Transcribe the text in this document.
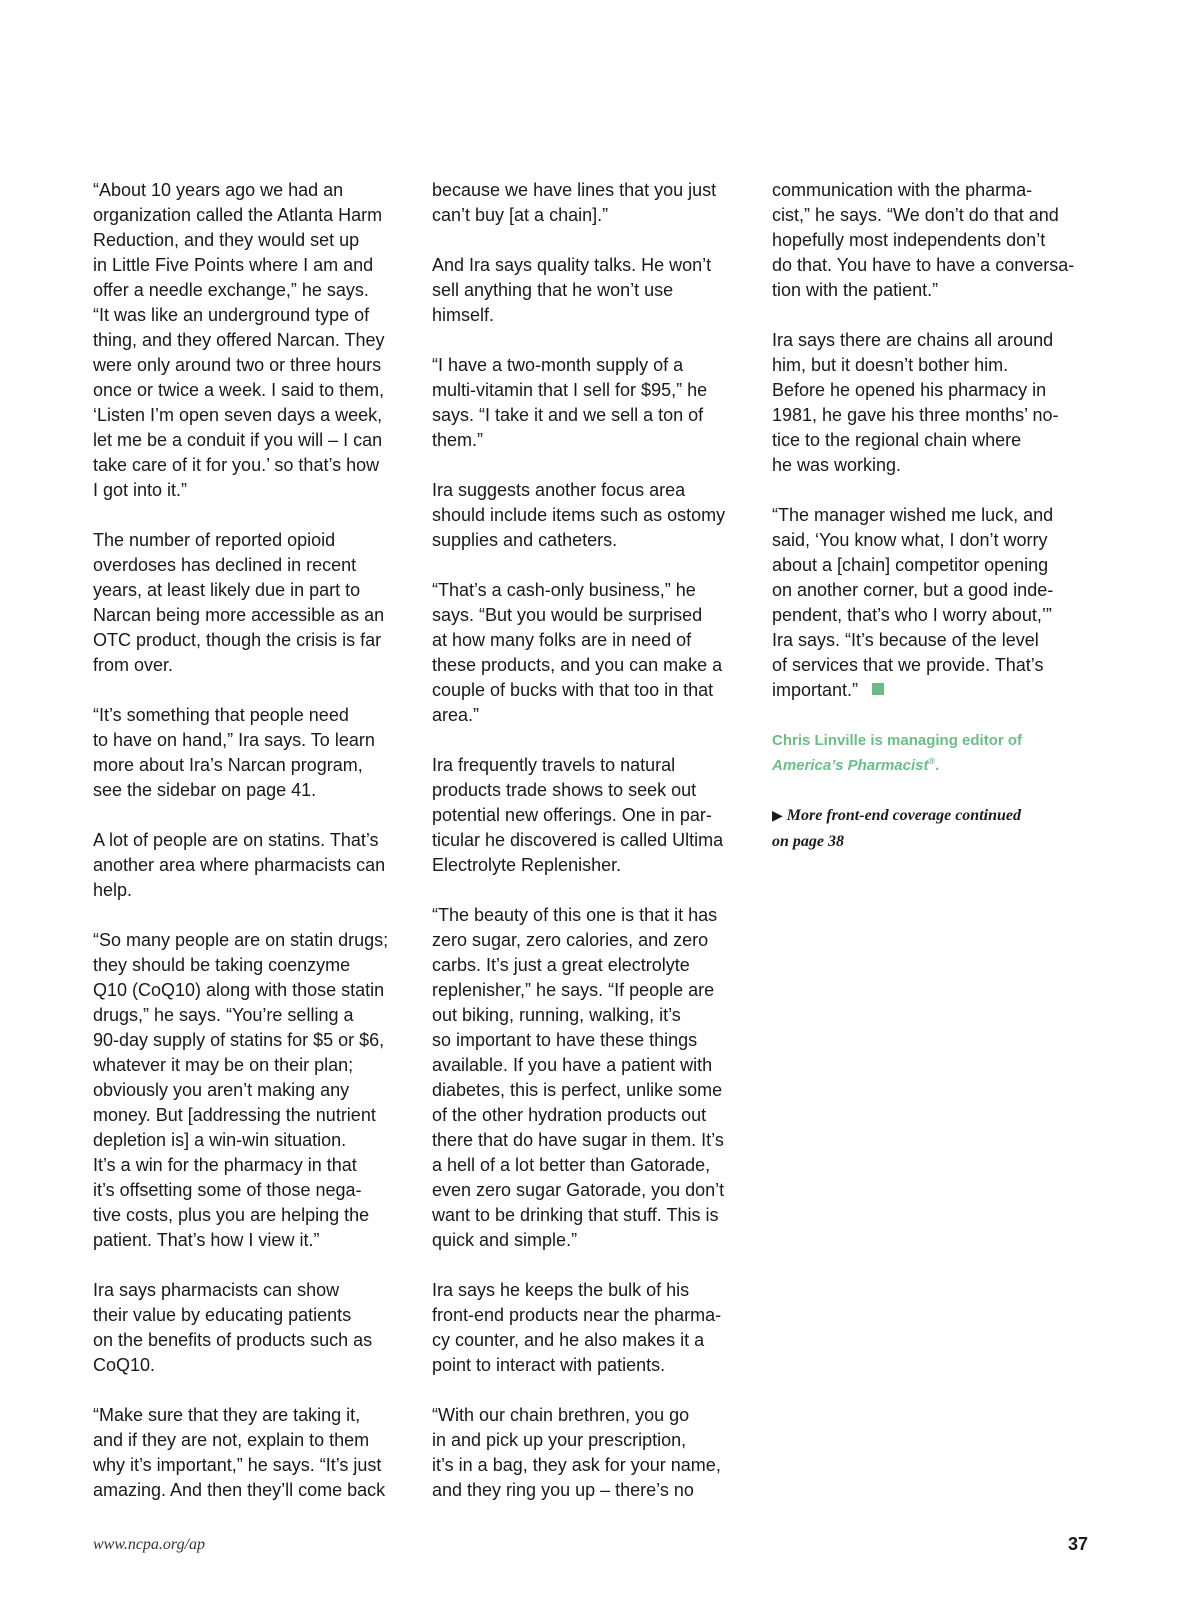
“About 10 years ago we had an
organization called the Atlanta Harm
Reduction, and they would set up
in Little Five Points where I am and
offer a needle exchange,” he says.
“It was like an underground type of
thing, and they offered Narcan. They
were only around two or three hours
once or twice a week. I said to them,
‘Listen I’m open seven days a week,
let me be a conduit if you will – I can
take care of it for you.’ so that’s how
I got into it.”

The number of reported opioid
overdoses has declined in recent
years, at least likely due in part to
Narcan being more accessible as an
OTC product, though the crisis is far
from over.

“It’s something that people need
to have on hand,” Ira says. To learn
more about Ira’s Narcan program,
see the sidebar on page 41.

A lot of people are on statins. That’s
another area where pharmacists can
help.

“So many people are on statin drugs;
they should be taking coenzyme
Q10 (CoQ10) along with those statin
drugs,” he says. “You’re selling a
90-day supply of statins for $5 or $6,
whatever it may be on their plan;
obviously you aren’t making any
money. But [addressing the nutrient
depletion is] a win-win situation.
It’s a win for the pharmacy in that
it’s offsetting some of those nega-
tive costs, plus you are helping the
patient. That’s how I view it.”

Ira says pharmacists can show
their value by educating patients
on the benefits of products such as
CoQ10.

“Make sure that they are taking it,
and if they are not, explain to them
why it’s important,” he says. “It’s just
amazing. And then they’ll come back

because we have lines that you just
can’t buy [at a chain].”

And Ira says quality talks. He won’t
sell anything that he won’t use
himself.

“I have a two-month supply of a
multi-vitamin that I sell for $95,” he
says. “I take it and we sell a ton of
them.”

Ira suggests another focus area
should include items such as ostomy
supplies and catheters.

“That’s a cash-only business,” he
says. “But you would be surprised
at how many folks are in need of
these products, and you can make a
couple of bucks with that too in that
area.”

Ira frequently travels to natural
products trade shows to seek out
potential new offerings. One in par-
ticular he discovered is called Ultima
Electrolyte Replenisher.

“The beauty of this one is that it has
zero sugar, zero calories, and zero
carbs. It’s just a great electrolyte
replenisher,” he says. “If people are
out biking, running, walking, it’s
so important to have these things
available. If you have a patient with
diabetes, this is perfect, unlike some
of the other hydration products out
there that do have sugar in them. It’s
a hell of a lot better than Gatorade,
even zero sugar Gatorade, you don’t
want to be drinking that stuff. This is
quick and simple.”

Ira says he keeps the bulk of his
front-end products near the pharma-
cy counter, and he also makes it a
point to interact with patients.

“With our chain brethren, you go
in and pick up your prescription,
it’s in a bag, they ask for your name,
and they ring you up – there’s no

communication with the pharma-
cist,” he says. “We don’t do that and
hopefully most independents don’t
do that. You have to have a conversa-
tion with the patient.”

Ira says there are chains all around
him, but it doesn’t bother him.
Before he opened his pharmacy in
1981, he gave his three months’ no-
tice to the regional chain where
he was working.

“The manager wished me luck, and
said, ‘You know what, I don’t worry
about a [chain] competitor opening
on another corner, but a good inde-
pendent, that’s who I worry about,’”
Ira says. “It’s because of the level
of services that we provide. That’s
important.”

Chris Linville is managing editor of
America’s Pharmacist®.

▶ More front-end coverage continued
on page 38
www.ncpa.org/ap	37
